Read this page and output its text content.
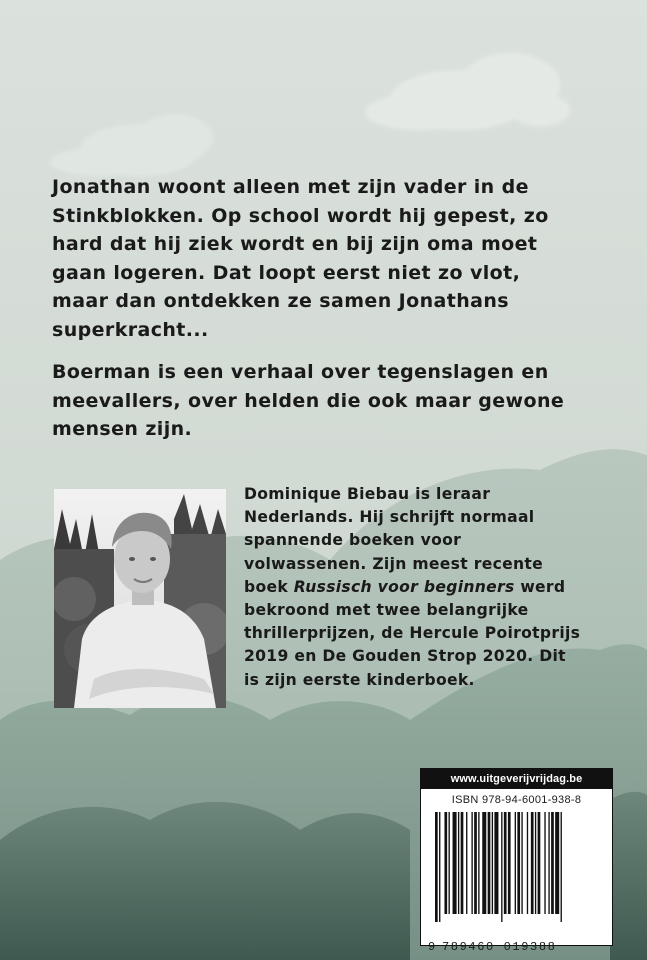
Jonathan woont alleen met zijn vader in de Stinkblokken. Op school wordt hij gepest, zo hard dat hij ziek wordt en bij zijn oma moet gaan logeren. Dat loopt eerst niet zo vlot, maar dan ontdekken ze samen Jonathans superkracht...

Boerman is een verhaal over tegenslagen en meevallers, over helden die ook maar gewone mensen zijn.

Dominique Biebau is leraar Nederlands. Hij schrijft normaal spannende boeken voor volwassenen. Zijn meest recente boek Russisch voor beginners werd bekroond met twee belangrijke thrillerprijzen, de Hercule Poirotprijs 2019 en De Gouden Strop 2020. Dit is zijn eerste kinderboek.

www.uitgeverijvrijdag.be
ISBN 978-94-6001-938-8
9 789460 019388
